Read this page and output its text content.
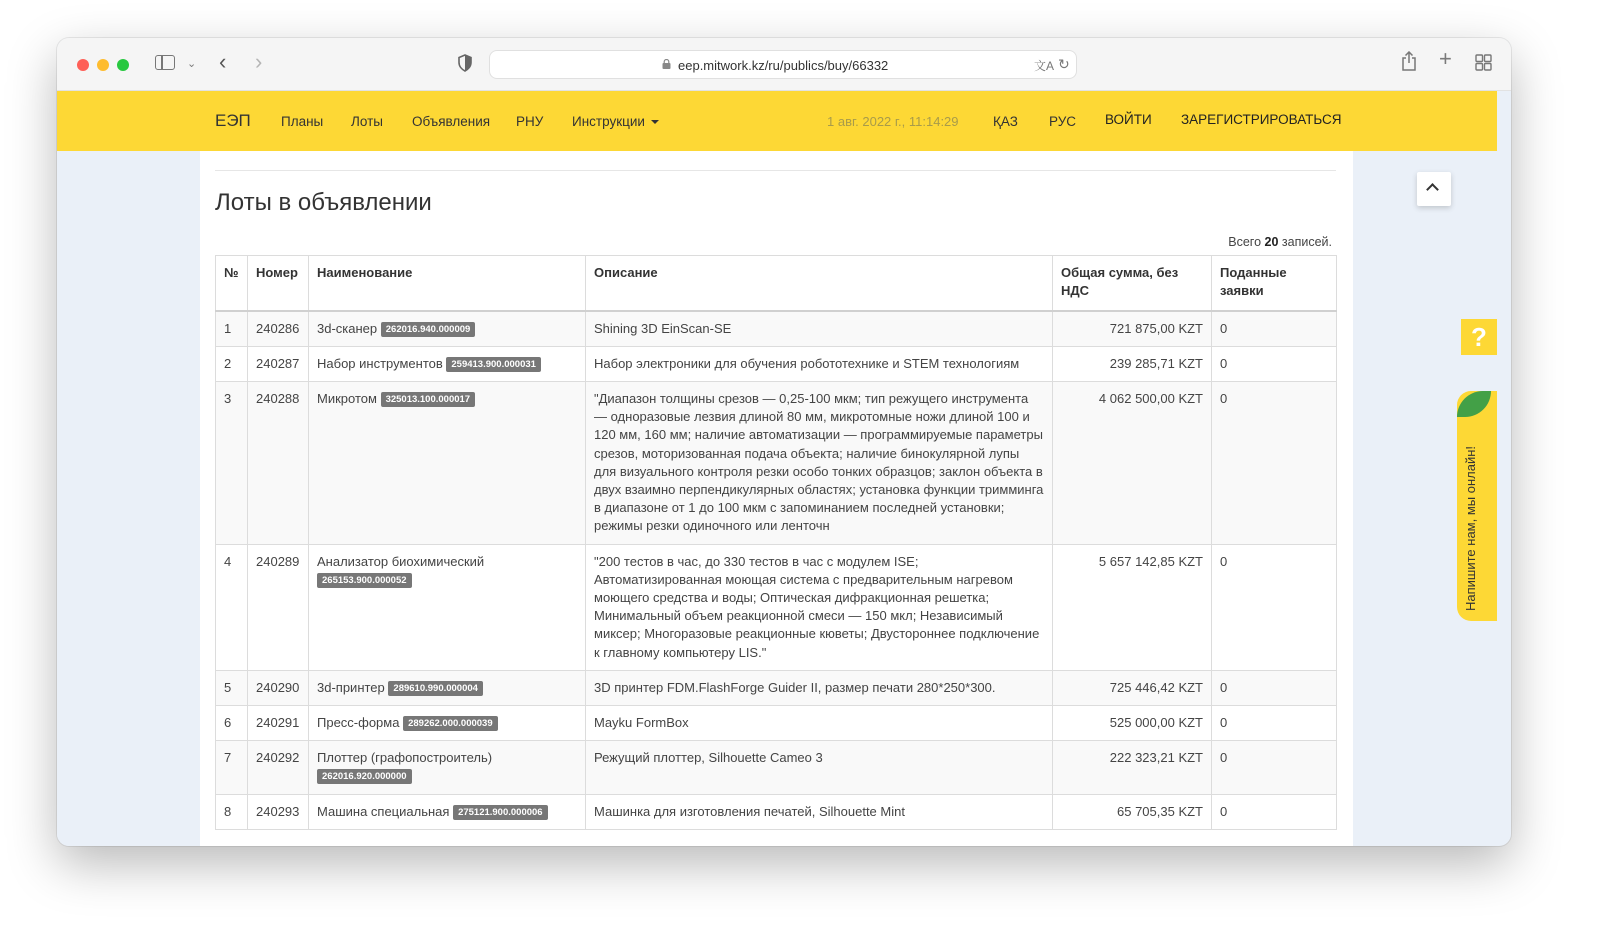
⌄ ‹ ›	eep.mitwork.kz/ru/publics/buy/66332	文A ↻	+
ЕЭП Планы Лоты Объявления РНУ Инструкции	1 авг. 2022 г., 11:14:29	ҚАЗ РУС ВОЙТИ ЗАРЕГИСТРИРОВАТЬСЯ
Лоты в объявлении
Всего 20 записей.
№	Номер	Наименование	Описание	Общая сумма, без НДС	Поданные заявки
1	240286	3d-сканер 262016.940.000009	Shining 3D EinScan-SE	721 875,00 KZT	0
2	240287	Набор инструментов 259413.900.000031	Набор электроники для обучения робототехнике и STEM технологиям	239 285,71 KZT	0
3	240288	Микротом 325013.100.000017	"Диапазон толщины срезов — 0,25-100 мкм; тип режущего инструмента — одноразовые лезвия длиной 80 мм, микротомные ножи длиной 100 и 120 мм, 160 мм; наличие автоматизации — программируемые параметры срезов, моторизованная подача объекта; наличие бинокулярной лупы для визуального контроля резки особо тонких образцов; заклон объекта в двух взаимно перпендикулярных областях; установка функции тримминга в диапазоне от 1 до 100 мкм с запоминанием последней установки; режимы резки одиночного или ленточн	4 062 500,00 KZT	0
4	240289	Анализатор биохимический 265153.900.000052	"200 тестов в час, до 330 тестов в час с модулем ISE; Автоматизированная моющая система с предварительным нагревом моющего средства и воды; Оптическая дифракционная решетка; Минимальный объем реакционной смеси — 150 мкл; Независимый миксер; Многоразовые реакционные кюветы; Двустороннее подключение к главному компьютеру LIS."	5 657 142,85 KZT	0
5	240290	3d-принтер 289610.990.000004	3D принтер FDM.FlashForge Guider II, размер печати 280*250*300.	725 446,42 KZT	0
6	240291	Пресс-форма 289262.000.000039	Mayku FormBox	525 000,00 KZT	0
7	240292	Плоттер (графопостроитель) 262016.920.000000	Режущий плоттер, Silhouette Cameo 3	222 323,21 KZT	0
8	240293	Машина специальная 275121.900.000006	Машинка для изготовления печатей, Silhouette Mint	65 705,35 KZT	0
?
Напишите нам, мы онлайн!
